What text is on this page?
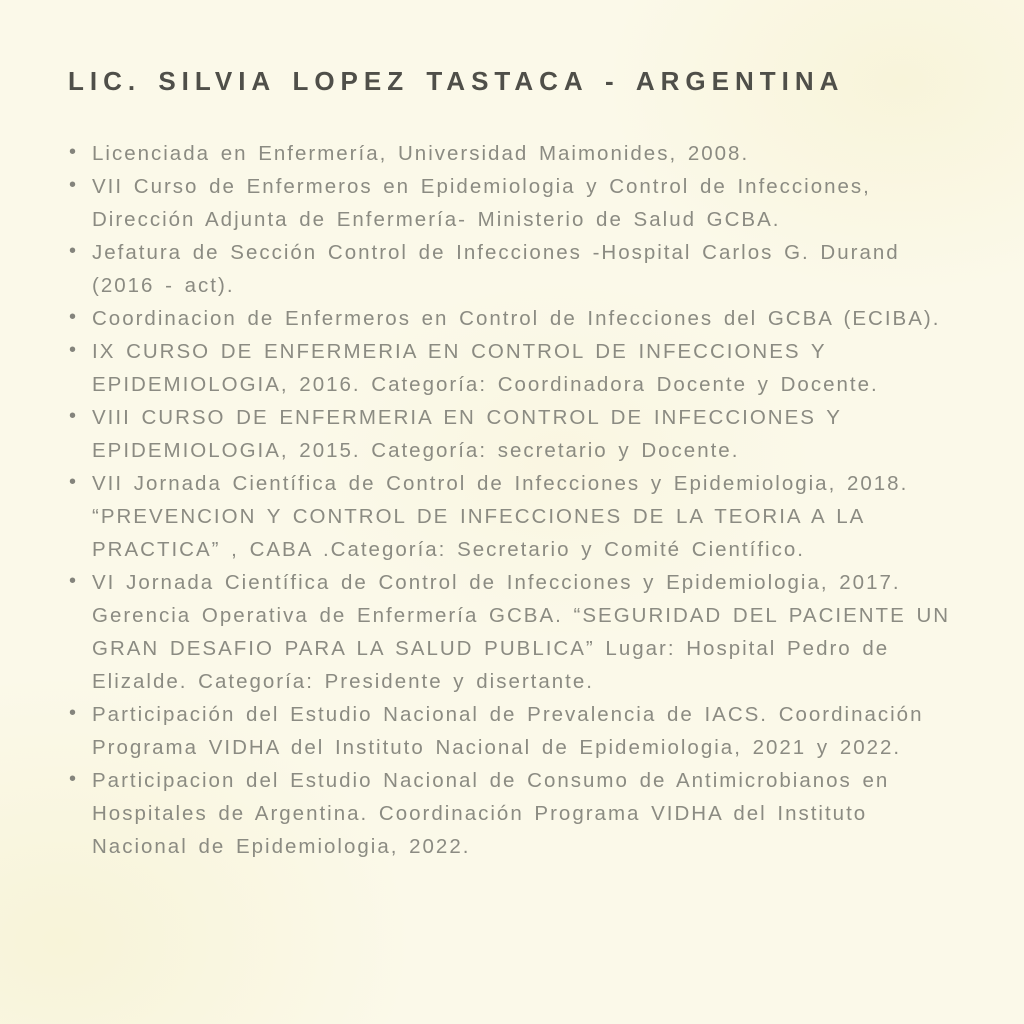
LIC. SILVIA LOPEZ TASTACA - ARGENTINA
• Licenciada en Enfermería, Universidad Maimonides, 2008.
• VII Curso de Enfermeros en Epidemiologia y Control de Infecciones, Dirección Adjunta de Enfermería- Ministerio de Salud GCBA.
• Jefatura de Sección Control de Infecciones -Hospital Carlos G. Durand (2016 - act).
• Coordinacion de Enfermeros en Control de Infecciones del GCBA (ECIBA).
• IX CURSO DE ENFERMERIA EN CONTROL DE INFECCIONES Y EPIDEMIOLOGIA, 2016. Categoría: Coordinadora Docente y Docente.
• VIII CURSO DE ENFERMERIA EN CONTROL DE INFECCIONES Y EPIDEMIOLOGIA, 2015. Categoría: secretario y Docente.
• VII Jornada Científica de Control de Infecciones y Epidemiologia, 2018. “PREVENCION Y CONTROL DE INFECCIONES DE LA TEORIA A LA PRACTICA” , CABA .Categoría: Secretario y Comité Científico.
• VI Jornada Científica de Control de Infecciones y Epidemiologia, 2017. Gerencia Operativa de Enfermería GCBA. “SEGURIDAD DEL PACIENTE UN GRAN DESAFIO PARA LA SALUD PUBLICA” Lugar: Hospital Pedro de Elizalde. Categoría: Presidente y disertante.
• Participación del Estudio Nacional de Prevalencia de IACS. Coordinación Programa VIDHA del Instituto Nacional de Epidemiologia, 2021 y 2022.
• Participacion del Estudio Nacional de Consumo de Antimicrobianos en Hospitales de Argentina. Coordinación Programa VIDHA del Instituto Nacional de Epidemiologia, 2022.
